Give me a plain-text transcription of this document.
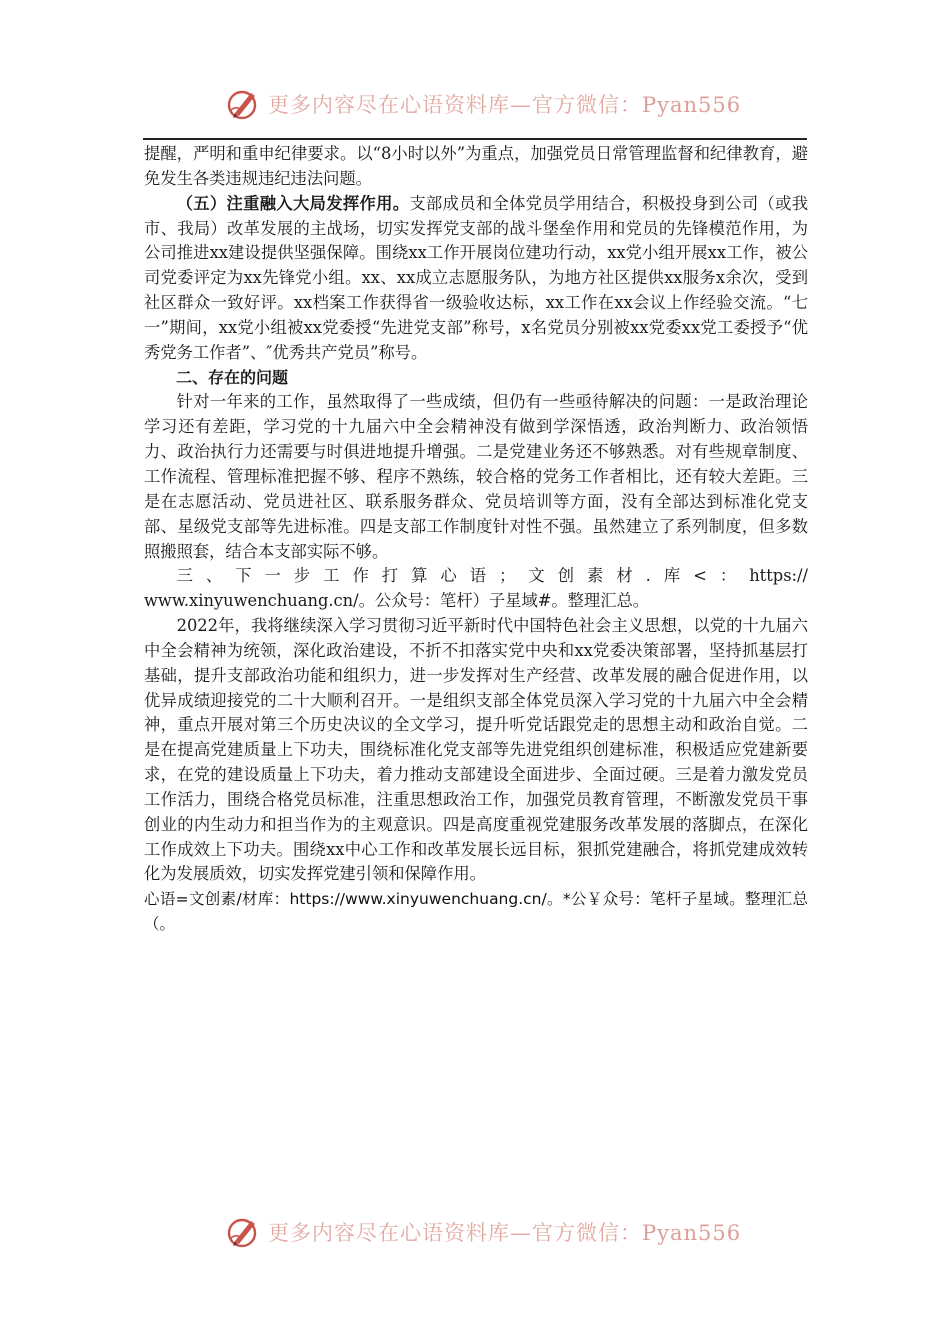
更多内容尽在心语资料库—官方微信：Pyan556

提醒，严明和重申纪律要求。以“8小时以外”为重点，加强党员日常管理监督和纪律教育，避免发生各类违规违纪违法问题。

（五）注重融入大局发挥作用。支部成员和全体党员学用结合，积极投身到公司（或我市、我局）改革发展的主战场，切实发挥党支部的战斗堡垒作用和党员的先锋模范作用，为公司推进xx建设提供坚强保障。围绕xx工作开展岗位建功行动，xx党小组开展xx工作，被公司党委评定为xx先锋党小组。xx、xx成立志愿服务队，为地方社区提供xx服务x余次，受到社区群众一致好评。xx档案工作获得省一级验收达标，xx工作在xx会议上作经验交流。“七一”期间，xx党小组被xx党委授“先进党支部”称号，x名党员分别被xx党委xx党工委授予“优秀党务工作者”、″优秀共产党员”称号。

二、存在的问题

针对一年来的工作，虽然取得了一些成绩，但仍有一些亟待解决的问题：一是政治理论学习还有差距，学习党的十九届六中全会精神没有做到学深悟透，政治判断力、政治领悟力、政治执行力还需要与时俱进地提升增强。二是党建业务还不够熟悉。对有些规章制度、工作流程、管理标准把握不够、程序不熟练，较合格的党务工作者相比，还有较大差距。三是在志愿活动、党员进社区、联系服务群众、党员培训等方面，没有全部达到标准化党支部、星级党支部等先进标准。四是支部工作制度针对性不强。虽然建立了系列制度，但多数照搬照套，结合本支部实际不够。

三、下一步工作打算心语；文创素材.库<：https://

www.xinyuwenchuang.cn/。公众号：笔杆）子星域#。整理汇总。

2022年，我将继续深入学习贯彻习近平新时代中国特色社会主义思想，以党的十九届六中全会精神为统领，深化政治建设，不折不扣落实党中央和xx党委决策部署，坚持抓基层打基础，提升支部政治功能和组织力，进一步发挥对生产经营、改革发展的融合促进作用，以优异成绩迎接党的二十大顺利召开。一是组织支部全体党员深入学习党的十九届六中全会精神，重点开展对第三个历史决议的全文学习，提升听党话跟党走的思想主动和政治自觉。二是在提高党建质量上下功夫，围绕标准化党支部等先进党组织创建标准，积极适应党建新要求，在党的建设质量上下功夫，着力推动支部建设全面进步、全面过硬。三是着力激发党员工作活力，围绕合格党员标准，注重思想政治工作，加强党员教育管理，不断激发党员干事创业的内生动力和担当作为的主观意识。四是高度重视党建服务改革发展的落脚点，在深化工作成效上下功夫。围绕xx中心工作和改革发展长远目标，狠抓党建融合，将抓党建成效转化为发展质效，切实发挥党建引领和保障作用。

心语=文创素/材库：https://www.xinyuwenchuang.cn/。*公￥众号：笔杆子星域。整理汇总（。

更多内容尽在心语资料库—官方微信：Pyan556
